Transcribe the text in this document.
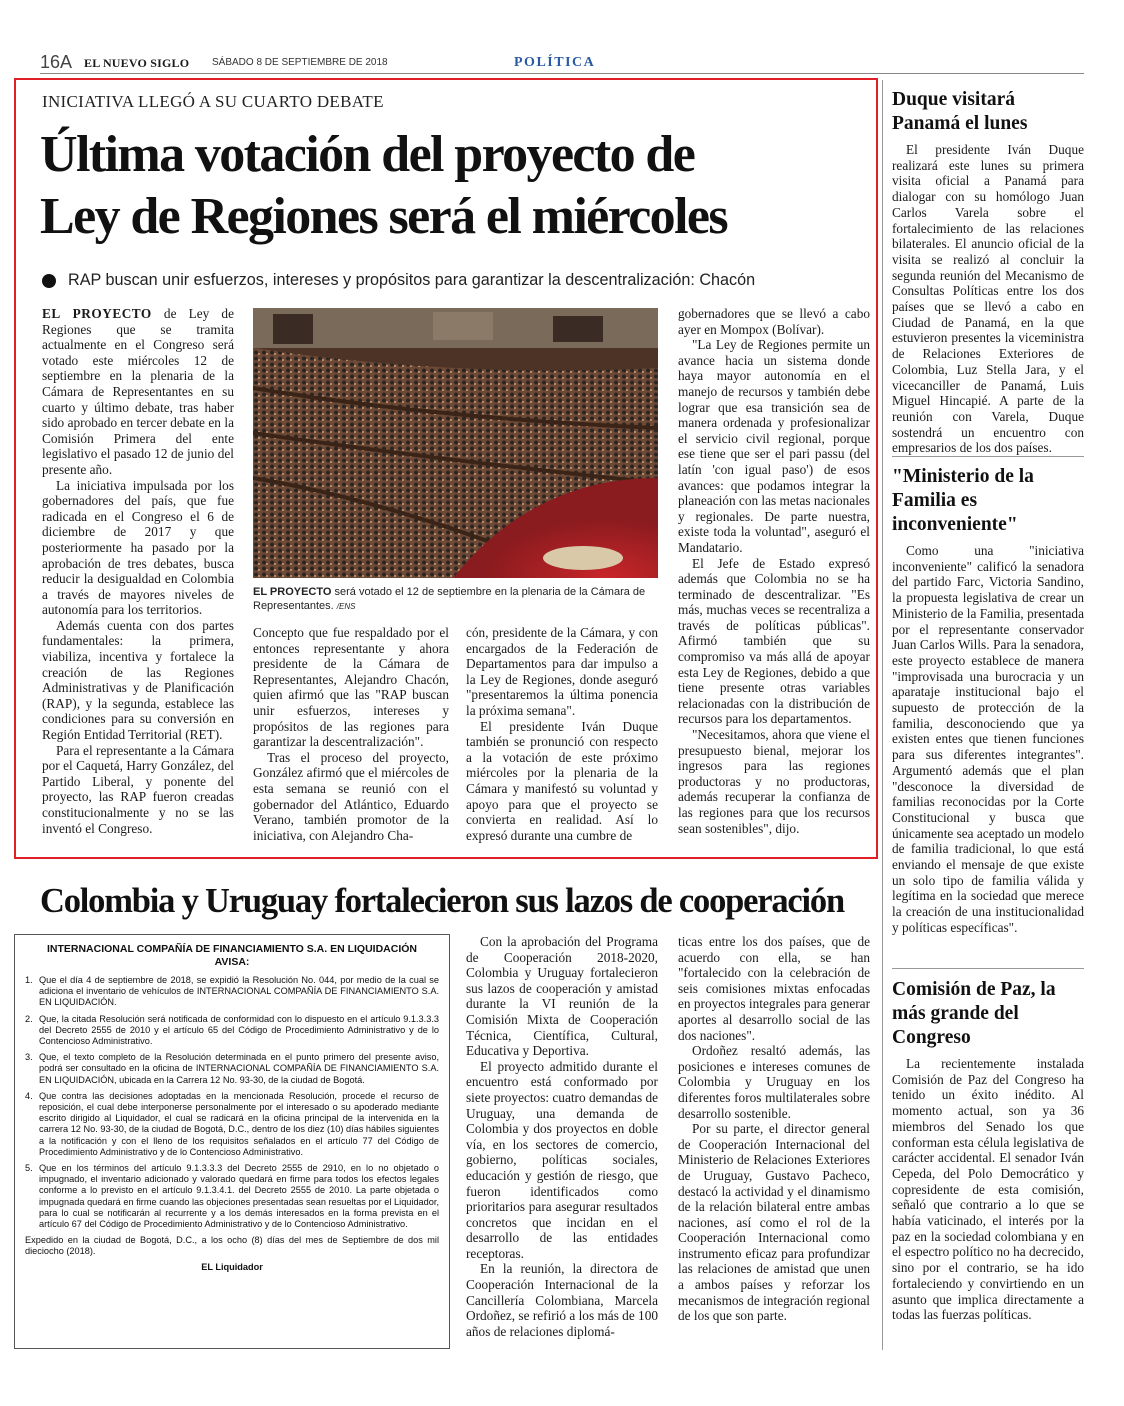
16A EL NUEVO SIGLO SÁBADO 8 DE SEPTIEMBRE DE 2018	POLÍTICA
INICIATIVA LLEGÓ A SU CUARTO DEBATE
Última votación del proyecto de
Ley de Regiones será el miércoles
RAP buscan unir esfuerzos, intereses y propósitos para garantizar la descentralización: Chacón

EL PROYECTO de Ley de Regiones que se tramita actualmente en el Congreso será votado este miércoles 12 de septiembre en la plenaria de la Cámara de Representantes en su cuarto y último debate, tras haber sido aprobado en tercer debate en la Comisión Primera del ente legislativo el pasado 12 de junio del presente año.

La iniciativa impulsada por los gobernadores del país, que fue radicada en el Congreso el 6 de diciembre de 2017 y que posteriormente ha pasado por la aprobación de tres debates, busca reducir la desigualdad en Colombia a través de mayores niveles de autonomía para los territorios.

Además cuenta con dos partes fundamentales: la primera, viabiliza, incentiva y fortalece la creación de las Regiones Administrativas y de Planificación (RAP), y la segunda, establece las condiciones para su conversión en Región Entidad Territorial (RET).

Para el representante a la Cámara por el Caquetá, Harry González, del Partido Liberal, y ponente del proyecto, las RAP fueron creadas constitucionalmente y no se las inventó el Congreso.

EL PROYECTO será votado el 12 de septiembre en la plenaria de la Cámara de Representantes. /ENS

Concepto que fue respaldado por el entonces representante y ahora presidente de la Cámara de Representantes, Alejandro Chacón, quien afirmó que las "RAP buscan unir esfuerzos, intereses y propósitos de las regiones para garantizar la descentralización".

Tras el proceso del proyecto, González afirmó que el miércoles de esta semana se reunió con el gobernador del Atlántico, Eduardo Verano, también promotor de la iniciativa, con Alejandro Cha-

cón, presidente de la Cámara, y con encargados de la Federación de Departamentos para dar impulso a la Ley de Regiones, donde aseguró "presentaremos la última ponencia la próxima semana".

El presidente Iván Duque también se pronunció con respecto a la votación de este próximo miércoles por la plenaria de la Cámara y manifestó su voluntad y apoyo para que el proyecto se convierta en realidad. Así lo expresó durante una cumbre de

gobernadores que se llevó a cabo ayer en Mompox (Bolívar).

"La Ley de Regiones permite un avance hacia un sistema donde haya mayor autonomía en el manejo de recursos y también debe lograr que esa transición sea de manera ordenada y profesionalizar el servicio civil regional, porque ese tiene que ser el pari passu (del latín 'con igual paso') de esos avances: que podamos integrar la planeación con las metas nacionales y regionales. De parte nuestra, existe toda la voluntad", aseguró el Mandatario.

El Jefe de Estado expresó además que Colombia no se ha terminado de descentralizar. "Es más, muchas veces se recentraliza a través de políticas públicas". Afirmó también que su compromiso va más allá de apoyar esta Ley de Regiones, debido a que tiene presente otras variables relacionadas con la distribución de recursos para los departamentos.

"Necesitamos, ahora que viene el presupuesto bienal, mejorar los ingresos para las regiones productoras y no productoras, además recuperar la confianza de las regiones para que los recursos sean sostenibles", dijo.

Duque visitará Panamá el lunes

El presidente Iván Duque realizará este lunes su primera visita oficial a Panamá para dialogar con su homólogo Juan Carlos Varela sobre el fortalecimiento de las relaciones bilaterales. El anuncio oficial de la visita se realizó al concluir la segunda reunión del Mecanismo de Consultas Políticas entre los dos países que se llevó a cabo en Ciudad de Panamá, en la que estuvieron presentes la viceministra de Relaciones Exteriores de Colombia, Luz Stella Jara, y el vicecanciller de Panamá, Luis Miguel Hincapié. A parte de la reunión con Varela, Duque sostendrá un encuentro con empresarios de los dos países.

"Ministerio de la Familia es inconveniente"

Como una "iniciativa inconveniente" calificó la senadora del partido Farc, Victoria Sandino, la propuesta legislativa de crear un Ministerio de la Familia, presentada por el representante conservador Juan Carlos Wills. Para la senadora, este proyecto establece de manera "improvisada una burocracia y un aparataje institucional bajo el supuesto de protección de la familia, desconociendo que ya existen entes que tienen funciones para sus diferentes integrantes". Argumentó además que el plan "desconoce la diversidad de familias reconocidas por la Corte Constitucional y busca que únicamente sea aceptado un modelo de familia tradicional, lo que está enviando el mensaje de que existe un solo tipo de familia válida y legítima en la sociedad que merece la creación de una institucionalidad y políticas específicas".

Comisión de Paz, la más grande del Congreso

La recientemente instalada Comisión de Paz del Congreso ha tenido un éxito inédito. Al momento actual, son ya 36 miembros del Senado los que conforman esta célula legislativa de carácter accidental. El senador Iván Cepeda, del Polo Democrático y copresidente de esta comisión, señaló que contrario a lo que se había vaticinado, el interés por la paz en la sociedad colombiana y en el espectro político no ha decrecido, sino por el contrario, se ha ido fortaleciendo y convirtiendo en un asunto que implica directamente a todas las fuerzas políticas.

Colombia y Uruguay fortalecieron sus lazos de cooperación
INTERNACIONAL COMPAÑÍA DE FINANCIAMIENTO S.A. EN LIQUIDACIÓN
AVISA:
1. Que el día 4 de septiembre de 2018, se expidió la Resolución No. 044, por medio de la cual se adiciona el inventario de vehículos de INTERNACIONAL COMPAÑÍA DE FINANCIAMIENTO S.A. EN LIQUIDACIÓN.
2. Que, la citada Resolución será notificada de conformidad con lo dispuesto en el artículo 9.1.3.3.3 del Decreto 2555 de 2010 y el artículo 65 del Código de Procedimiento Administrativo y de lo Contencioso Administrativo.
3. Que, el texto completo de la Resolución determinada en el punto primero del presente aviso, podrá ser consultado en la oficina de INTERNACIONAL COMPAÑÍA DE FINANCIAMIENTO S.A. EN LIQUIDACIÓN, ubicada en la Carrera 12 No. 93-30, de la ciudad de Bogotá.
4. Que contra las decisiones adoptadas en la mencionada Resolución, procede el recurso de reposición, el cual debe interponerse personalmente por el interesado o su apoderado mediante escrito dirigido al Liquidador, el cual se radicará en la oficina principal de la intervenida en la carrera 12 No. 93-30, de la ciudad de Bogotá, D.C., dentro de los diez (10) días hábiles siguientes a la notificación y con el lleno de los requisitos señalados en el artículo 77 del Código de Procedimiento Administrativo y de lo Contencioso Administrativo.
5. Que en los términos del artículo 9.1.3.3.3 del Decreto 2555 de 2910, en lo no objetado o impugnado, el inventario adicionado y valorado quedará en firme para todos los efectos legales conforme a lo previsto en el artículo 9.1.3.4.1. del Decreto 2555 de 2010. La parte objetada o impugnada quedará en firme cuando las objeciones presentadas sean resueltas por el Liquidador, para lo cual se notificarán al recurrente y a los demás interesados en la forma prevista en el artículo 67 del Código de Procedimiento Administrativo y de lo Contencioso Administrativo.
Expedido en la ciudad de Bogotá, D.C., a los ocho (8) días del mes de Septiembre de dos mil dieciocho (2018).
EL Liquidador

Con la aprobación del Programa de Cooperación 2018-2020, Colombia y Uruguay fortalecieron sus lazos de cooperación y amistad durante la VI reunión de la Comisión Mixta de Cooperación Técnica, Científica, Cultural, Educativa y Deportiva.

El proyecto admitido durante el encuentro está conformado por siete proyectos: cuatro demandas de Uruguay, una demanda de Colombia y dos proyectos en doble vía, en los sectores de comercio, gobierno, políticas sociales, educación y gestión de riesgo, que fueron identificados como prioritarios para asegurar resultados concretos que incidan en el desarrollo de las entidades receptoras.

En la reunión, la directora de Cooperación Internacional de la Cancillería Colombiana, Marcela Ordoñez, se refirió a los más de 100 años de relaciones diplomá-

ticas entre los dos países, que de acuerdo con ella, se han "fortalecido con la celebración de seis comisiones mixtas enfocadas en proyectos integrales para generar aportes al desarrollo social de las dos naciones".

Ordoñez resaltó además, las posiciones e intereses comunes de Colombia y Uruguay en los diferentes foros multilaterales sobre desarrollo sostenible.

Por su parte, el director general de Cooperación Internacional del Ministerio de Relaciones Exteriores de Uruguay, Gustavo Pacheco, destacó la actividad y el dinamismo de la relación bilateral entre ambas naciones, así como el rol de la Cooperación Internacional como instrumento eficaz para profundizar las relaciones de amistad que unen a ambos países y reforzar los mecanismos de integración regional de los que son parte.
